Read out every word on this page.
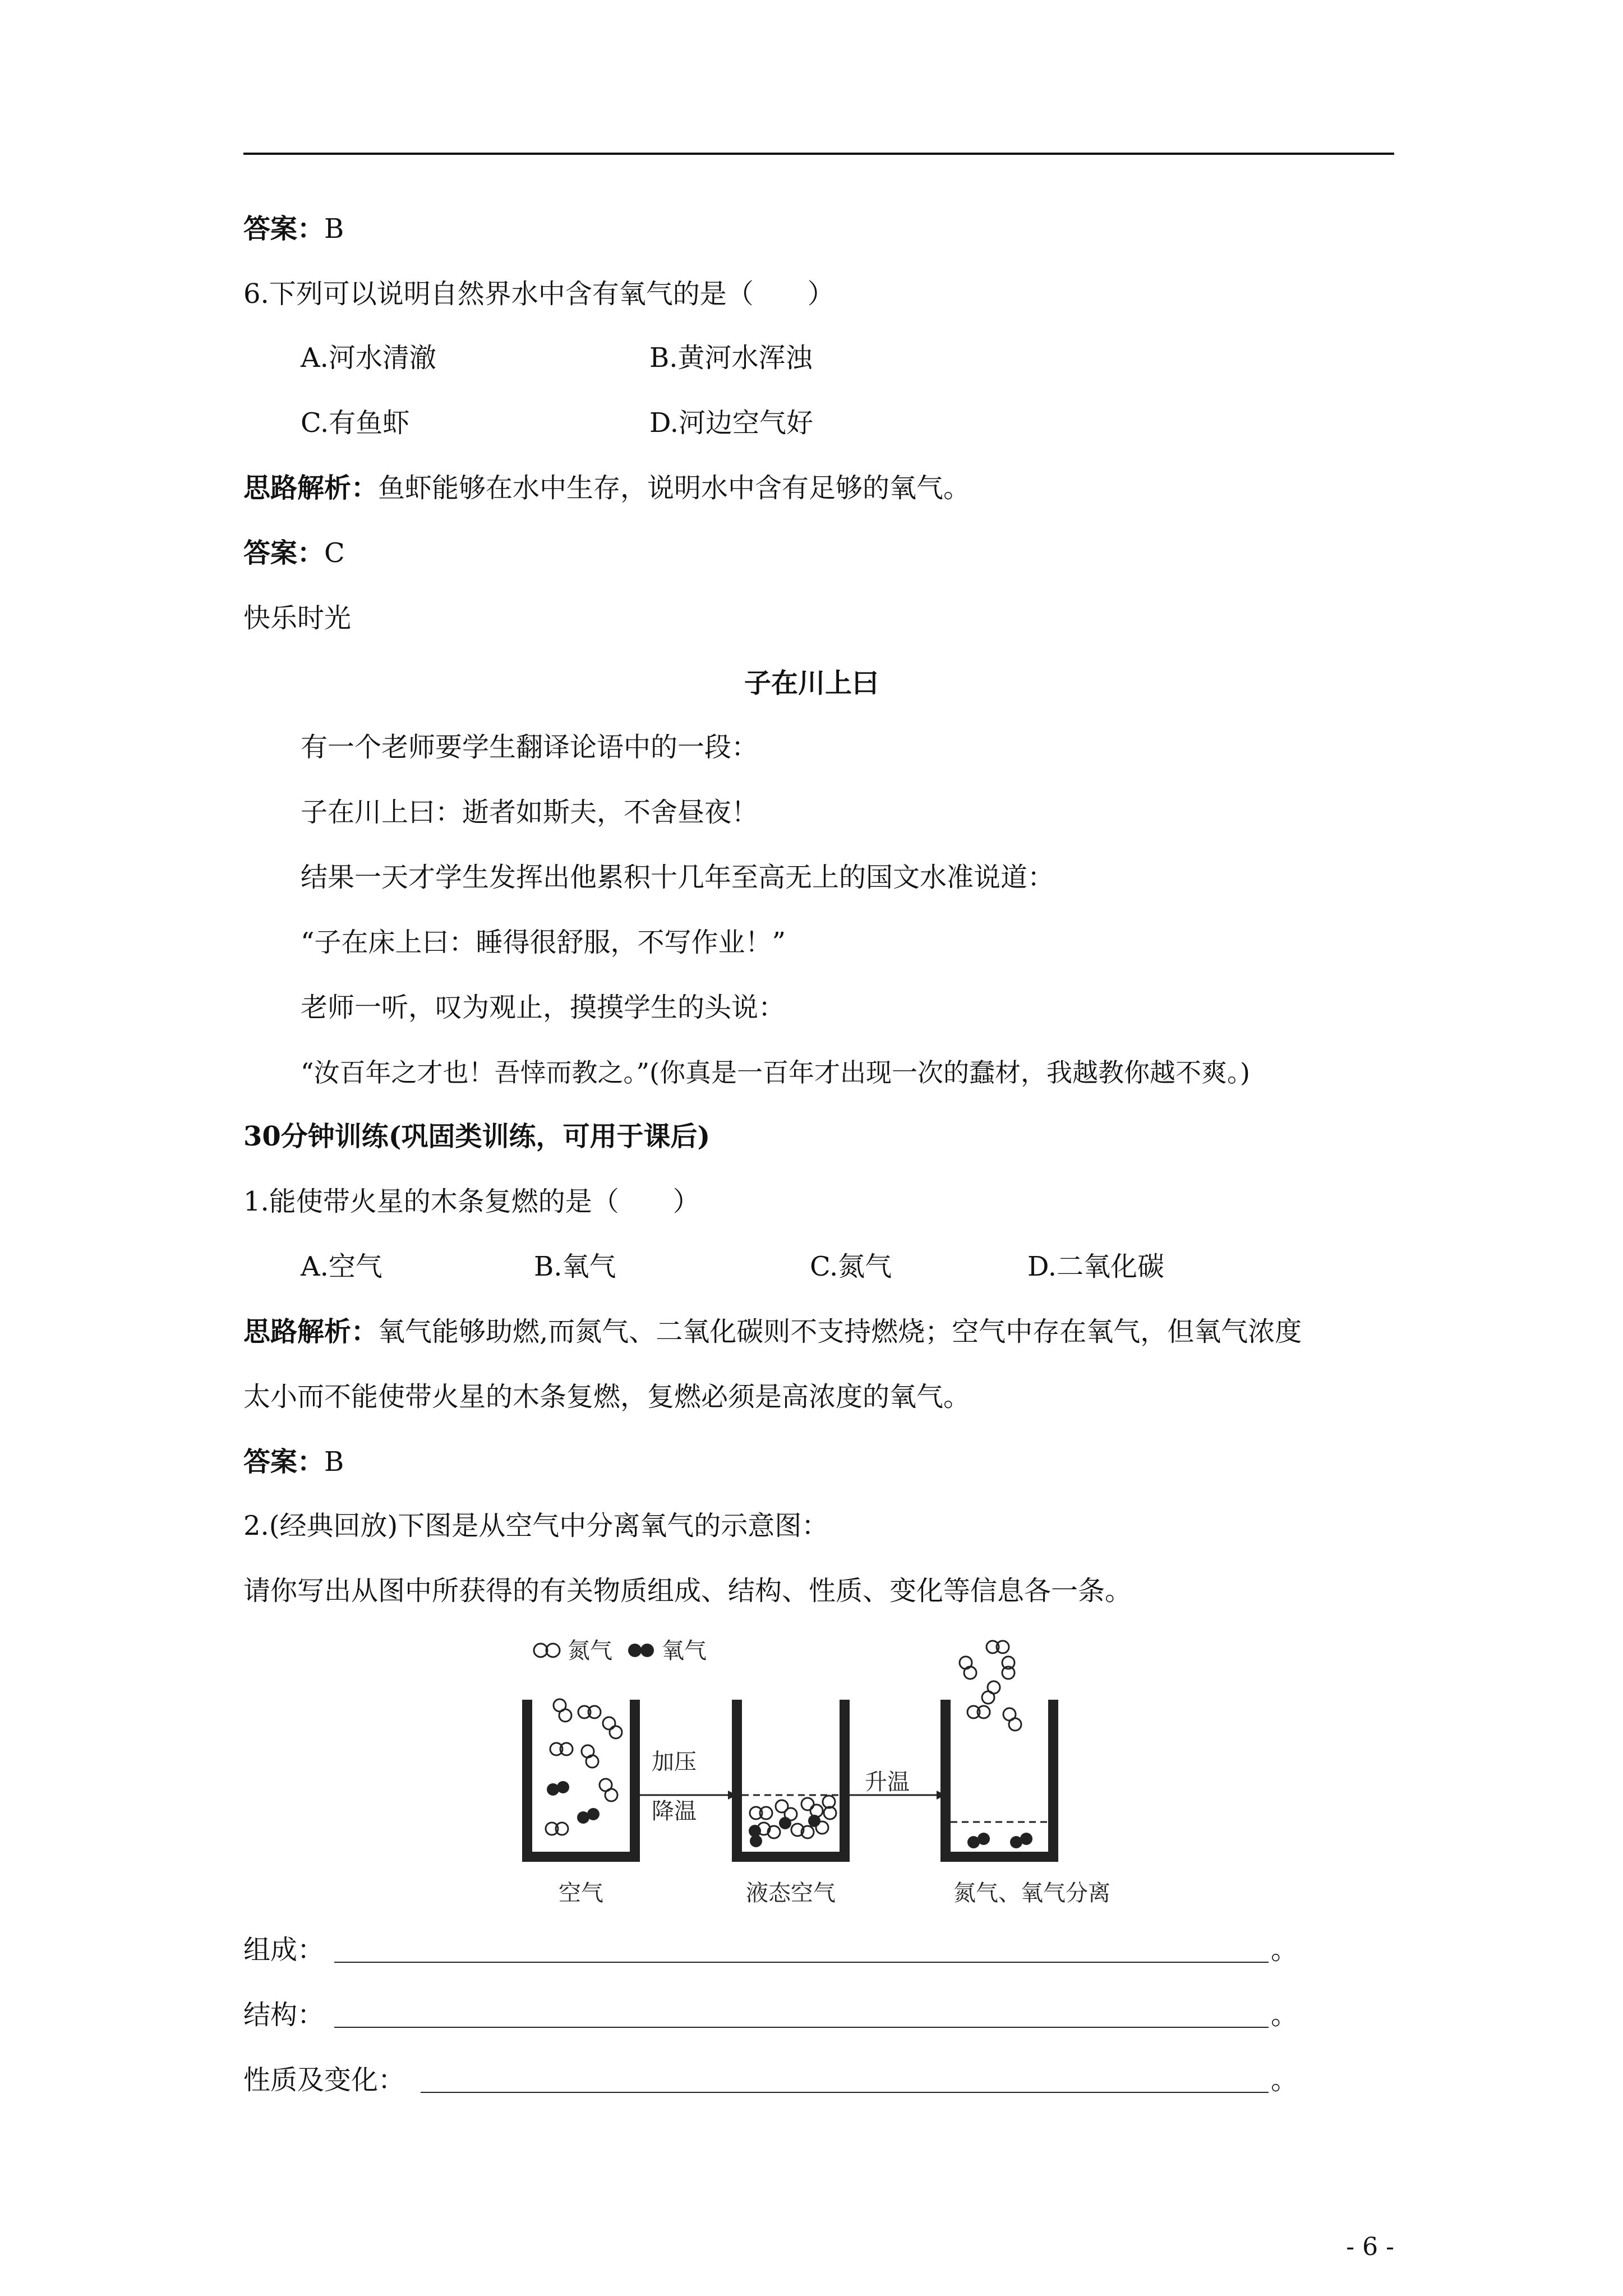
答案：B
6.下列可以说明自然界水中含有氧气的是（　　）
A.河水清澈	B.黄河水浑浊
C.有鱼虾	D.河边空气好
思路解析：鱼虾能够在水中生存，说明水中含有足够的氧气。
答案：C
快乐时光
子在川上曰
有一个老师要学生翻译论语中的一段：
子在川上曰：逝者如斯夫，不舍昼夜！
结果一天才学生发挥出他累积十几年至高无上的国文水准说道：
“子在床上曰：睡得很舒服，不写作业！”
老师一听，叹为观止，摸摸学生的头说：
“汝百年之才也！吾悻而教之。”(你真是一百年才出现一次的蠢材，我越教你越不爽。)
30分钟训练(巩固类训练，可用于课后)
1.能使带火星的木条复燃的是（　　）
A.空气	B.氧气	C.氮气	D.二氧化碳
思路解析：氧气能够助燃,而氮气、二氧化碳则不支持燃烧；空气中存在氧气，但氧气浓度
太小而不能使带火星的木条复燃，复燃必须是高浓度的氧气。
答案：B
2.(经典回放)下图是从空气中分离氧气的示意图：
请你写出从图中所获得的有关物质组成、结构、性质、变化等信息各一条。
氮气 氧气
加压
降温
升温
空气	液态空气	氮气、氧气分离
组成：	。
结构：	。
性质及变化：	。
- 6 -
